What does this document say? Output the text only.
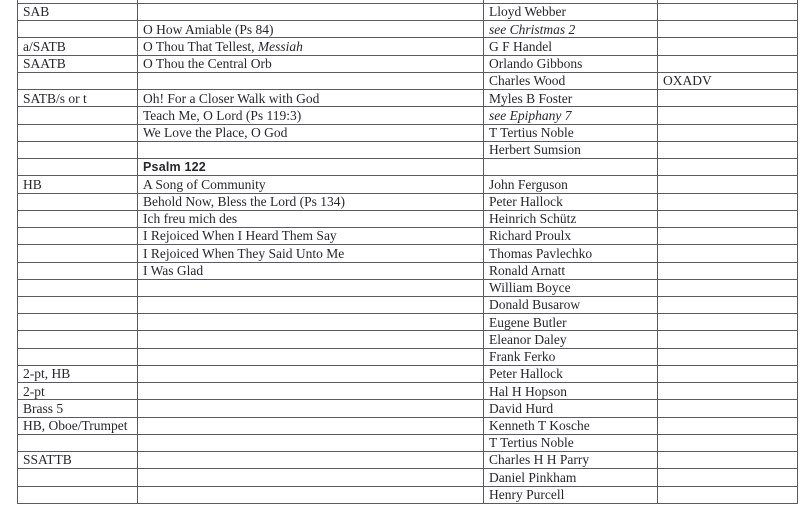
SAB		Lloyd Webber	
	O How Amiable (Ps 84)	see Christmas 2	
a/SATB	O Thou That Tellest, Messiah	G F Handel	
SAATB	O Thou the Central Orb	Orlando Gibbons	
		Charles Wood	OXADV
SATB/s or t	Oh! For a Closer Walk with God	Myles B Foster	
	Teach Me, O Lord (Ps 119:3)	see Epiphany 7	
	We Love the Place, O God	T Tertius Noble	
		Herbert Sumsion	
	Psalm 122		
HB	A Song of Community	John Ferguson	
	Behold Now, Bless the Lord (Ps 134)	Peter Hallock	
	Ich freu mich des	Heinrich Schütz	
	I Rejoiced When I Heard Them Say	Richard Proulx	
	I Rejoiced When They Said Unto Me	Thomas Pavlechko	
	I Was Glad	Ronald Arnatt	
		William Boyce	
		Donald Busarow	
		Eugene Butler	
		Eleanor Daley	
		Frank Ferko	
2-pt, HB		Peter Hallock	
2-pt		Hal H Hopson	
Brass 5		David Hurd	
HB, Oboe/Trumpet		Kenneth T Kosche	
		T Tertius Noble	
SSATTB		Charles H H Parry	
		Daniel Pinkham	
		Henry Purcell	
